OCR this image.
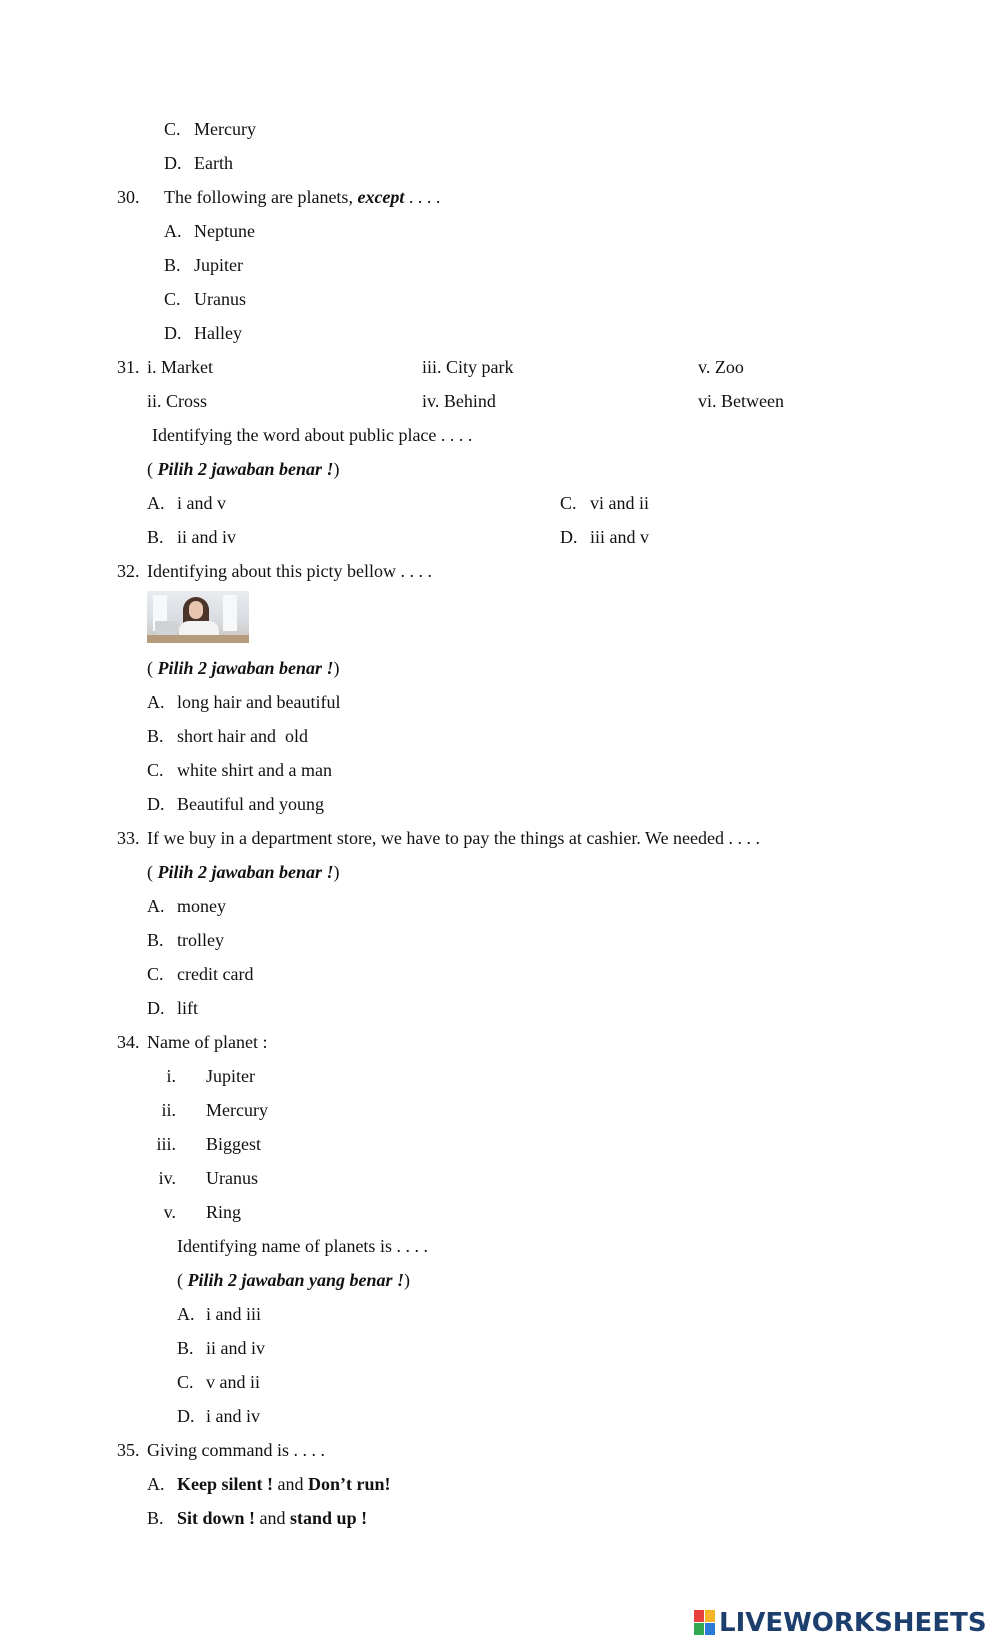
C. Mercury
D. Earth
30. The following are planets, except . . . .
A. Neptune
B. Jupiter
C. Uranus
D. Halley
31. i. Market	iii. City park	v. Zoo
ii. Cross	iv. Behind	vi. Between
Identifying the word about public place . . . .
( Pilih 2 jawaban benar !)
A. i and v	C. vi and ii
B. ii and iv	D. iii and v
32. Identifying about this picty bellow . . . .
( Pilih 2 jawaban benar !)
A. long hair and beautiful
B. short hair and  old
C. white shirt and a man
D. Beautiful and young
33. If we buy in a department store, we have to pay the things at cashier. We needed . . . .
( Pilih 2 jawaban benar !)
A. money
B. trolley
C. credit card
D. lift
34. Name of planet :
i. Jupiter
ii. Mercury
iii. Biggest
iv. Uranus
v. Ring
Identifying name of planets is . . . .
( Pilih 2 jawaban yang benar !)
A. i and iii
B. ii and iv
C. v and ii
D. i and iv
35. Giving command is . . . .
A. Keep silent ! and Don’t run!
B. Sit down ! and stand up !
LIVEWORKSHEETS
